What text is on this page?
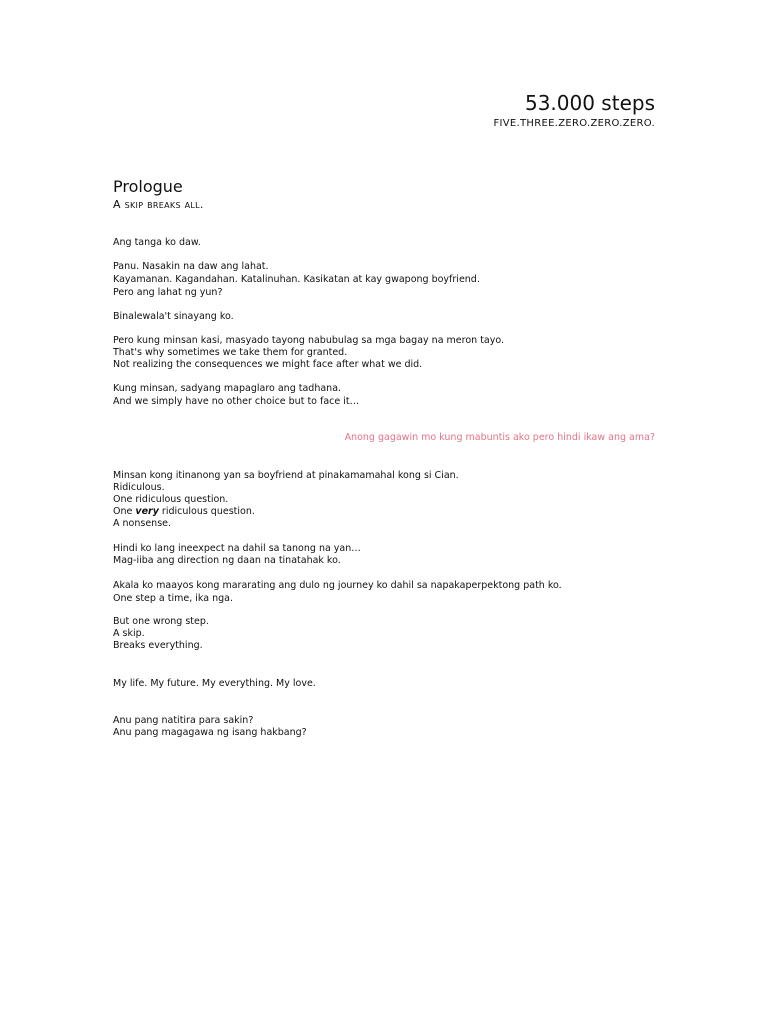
53.000 steps
FIVE.THREE.ZERO.ZERO.ZERO.
Prologue
A skip breaks all.
Ang tanga ko daw.
Panu. Nasakin na daw ang lahat.
Kayamanan. Kagandahan. Katalinuhan. Kasikatan at kay gwapong boyfriend.
Pero ang lahat ng yun?
Binalewala't sinayang ko.
Pero kung minsan kasi, masyado tayong nabubulag sa mga bagay na meron tayo.
That's why sometimes we take them for granted.
Not realizing the consequences we might face after what we did.
Kung minsan, sadyang mapaglaro ang tadhana.
And we simply have no other choice but to face it…
Anong gagawin mo kung mabuntis ako pero hindi ikaw ang ama?
Minsan kong itinanong yan sa boyfriend at pinakamamahal kong si Cian.
Ridiculous.
One ridiculous question.
One very ridiculous question.
A nonsense.
Hindi ko lang ineexpect na dahil sa tanong na yan…
Mag-iiba ang direction ng daan na tinatahak ko.
Akala ko maayos kong mararating ang dulo ng journey ko dahil sa napakaperpektong path ko.
One step a time, ika nga.
But one wrong step.
A skip.
Breaks everything.
My life. My future. My everything. My love.
Anu pang natitira para sakin?
Anu pang magagawa ng isang hakbang?
